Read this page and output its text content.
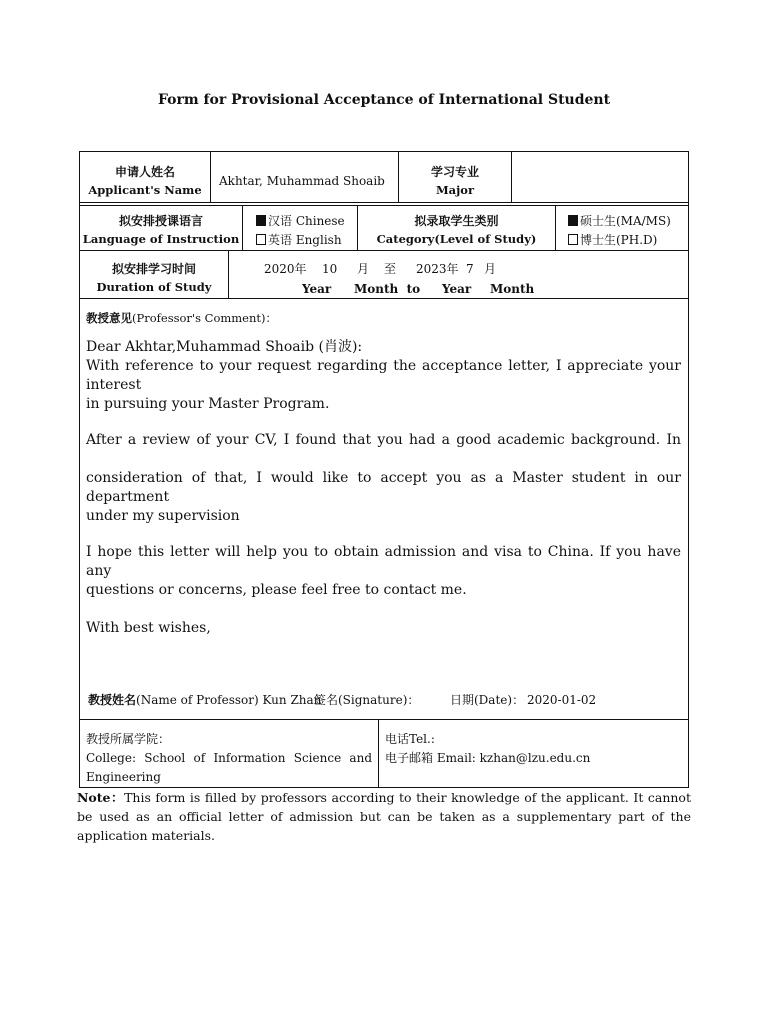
Form for Provisional Acceptance of International Student
申请人姓名
Applicant's Name
Akhtar, Muhammad Shoaib
学习专业
Major
拟安排授课语言
Language of Instruction
汉语 Chinese
英语 English
拟录取学生类别
Category(Level of Study)
硕士生(MA/MS)
博士生(PH.D)
拟安排学习时间
Duration of Study
2020年 10 月 至 2023年 7 月
Year Month  to Year Month
教授意见(Professor's Comment)：
Dear Akhtar,Muhammad Shoaib (肖波):
With reference to your request regarding the acceptance letter, I appreciate your interest
in pursuing your Master Program.
After a review of your CV, I found that you had a good academic background. In
consideration of that, I would like to accept you as a Master student in our department
under my supervision
I hope this letter will help you to obtain admission and visa to China. If you have any
questions or concerns, please feel free to contact me.
With best wishes,
教授姓名(Name of Professor) Kun Zhan
签名(Signature)：	日期(Date)： 2020-01-02
教授所属学院：
College: School of Information Science and
Engineering
电话Tel.:
电子邮箱 Email: kzhan@lzu.edu.cn
Note：This form is filled by professors according to their knowledge of the applicant. It cannot be used as an official letter of admission but can be taken as a supplementary part of the application materials.
